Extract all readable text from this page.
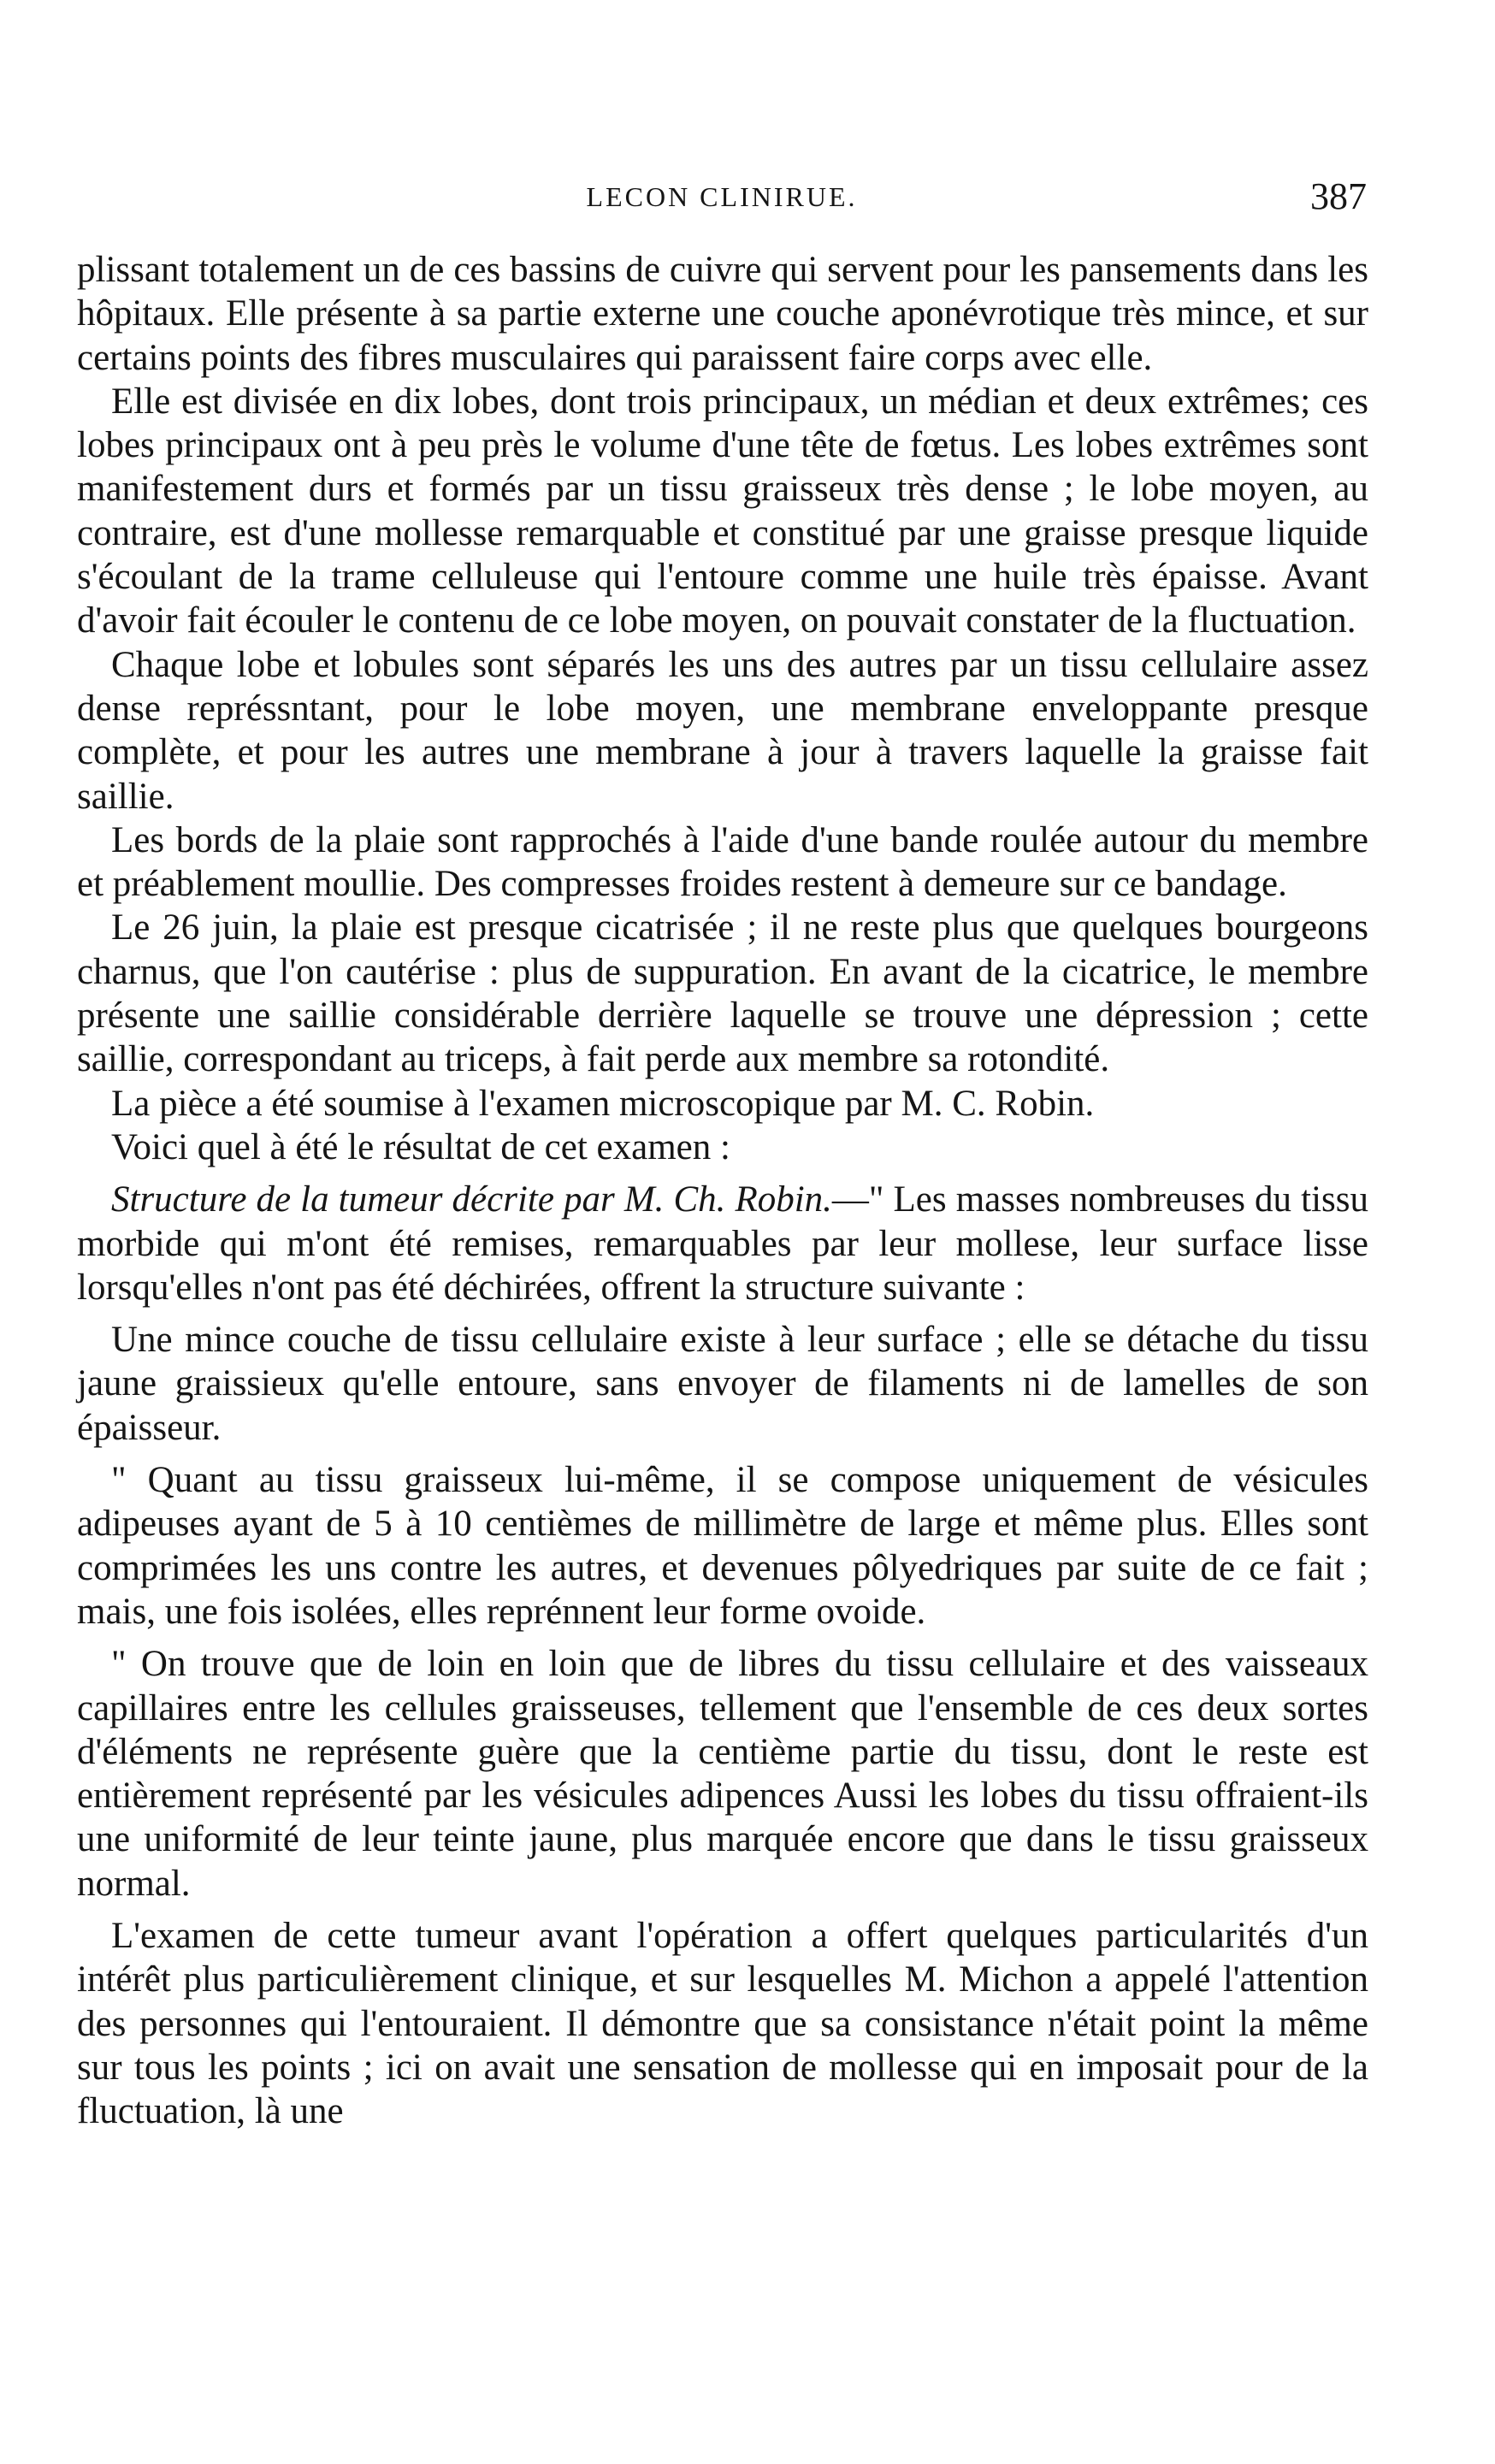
LECON CLINIRUE.	387

plissant totalement un de ces bassins de cuivre qui servent pour les pansements dans les hôpitaux. Elle présente à sa partie externe une couche aponévrotique très mince, et sur certains points des fibres musculaires qui paraissent faire corps avec elle.

Elle est divisée en dix lobes, dont trois principaux, un médian et deux extrêmes; ces lobes principaux ont à peu près le volume d'une tête de fœtus. Les lobes extrêmes sont manifestement durs et formés par un tissu graisseux très dense ; le lobe moyen, au contraire, est d'une mollesse remarquable et constitué par une graisse presque liquide s'écoulant de la trame celluleuse qui l'entoure comme une huile très épaisse. Avant d'avoir fait écouler le contenu de ce lobe moyen, on pouvait constater de la fluctuation.

Chaque lobe et lobules sont séparés les uns des autres par un tissu cellulaire assez dense représsntant, pour le lobe moyen, une membrane enveloppante presque complète, et pour les autres une membrane à jour à travers laquelle la graisse fait saillie.

Les bords de la plaie sont rapprochés à l'aide d'une bande roulée autour du membre et préablement moullie. Des compresses froides restent à demeure sur ce bandage.

Le 26 juin, la plaie est presque cicatrisée ; il ne reste plus que quelques bourgeons charnus, que l'on cautérise : plus de suppuration. En avant de la cicatrice, le membre présente une saillie considérable derrière laquelle se trouve une dépression ; cette saillie, correspondant au triceps, à fait perde aux membre sa rotondité.

La pièce a été soumise à l'examen microscopique par M. C. Robin.

Voici quel à été le résultat de cet examen :

Structure de la tumeur décrite par M. Ch. Robin.—" Les masses nombreuses du tissu morbide qui m'ont été remises, remarquables par leur mollese, leur surface lisse lorsqu'elles n'ont pas été déchirées, offrent la structure suivante :

Une mince couche de tissu cellulaire existe à leur surface ; elle se détache du tissu jaune graissieux qu'elle entoure, sans envoyer de filaments ni de lamelles de son épaisseur.

" Quant au tissu graisseux lui-même, il se compose uniquement de vésicules adipeuses ayant de 5 à 10 centièmes de millimètre de large et même plus. Elles sont comprimées les uns contre les autres, et devenues pôlyedriques par suite de ce fait ; mais, une fois isolées, elles reprénnent leur forme ovoide.

" On trouve que de loin en loin que de libres du tissu cellulaire et des vaisseaux capillaires entre les cellules graisseuses, tellement que l'ensemble de ces deux sortes d'éléments ne représente guère que la centième partie du tissu, dont le reste est entièrement représenté par les vésicules adipences Aussi les lobes du tissu offraient-ils une uniformité de leur teinte jaune, plus marquée encore que dans le tissu graisseux normal.

L'examen de cette tumeur avant l'opération a offert quelques particularités d'un intérêt plus particulièrement clinique, et sur lesquelles M. Michon a appelé l'attention des personnes qui l'entouraient. Il démontre que sa consistance n'était point la même sur tous les points ; ici on avait une sensation de mollesse qui en imposait pour de la fluctuation, là une
